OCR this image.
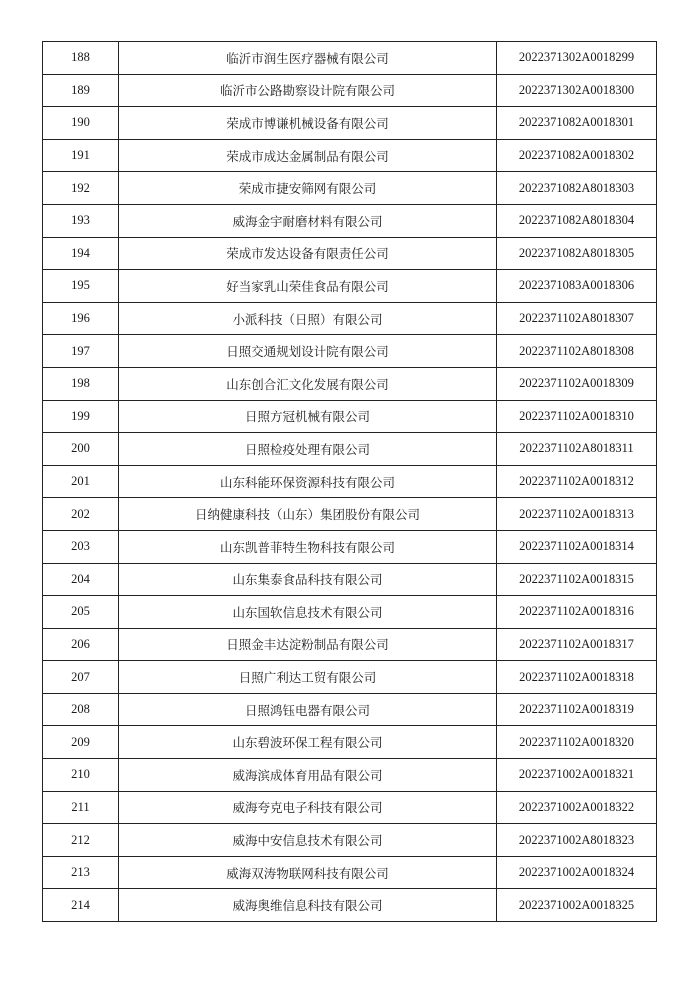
188	临沂市润生医疗器械有限公司	2022371302A0018299
189	临沂市公路勘察设计院有限公司	2022371302A0018300
190	荣成市博谦机械设备有限公司	2022371082A0018301
191	荣成市成达金属制品有限公司	2022371082A0018302
192	荣成市捷安筛网有限公司	2022371082A8018303
193	威海金宇耐磨材料有限公司	2022371082A8018304
194	荣成市发达设备有限责任公司	2022371082A8018305
195	好当家乳山荣佳食品有限公司	2022371083A0018306
196	小派科技（日照）有限公司	2022371102A8018307
197	日照交通规划设计院有限公司	2022371102A8018308
198	山东创合汇文化发展有限公司	2022371102A0018309
199	日照方冠机械有限公司	2022371102A0018310
200	日照检疫处理有限公司	2022371102A8018311
201	山东科能环保资源科技有限公司	2022371102A0018312
202	日纳健康科技（山东）集团股份有限公司	2022371102A0018313
203	山东凯普菲特生物科技有限公司	2022371102A0018314
204	山东集泰食品科技有限公司	2022371102A0018315
205	山东国软信息技术有限公司	2022371102A0018316
206	日照金丰达淀粉制品有限公司	2022371102A0018317
207	日照广利达工贸有限公司	2022371102A0018318
208	日照鸿钰电器有限公司	2022371102A0018319
209	山东碧波环保工程有限公司	2022371102A0018320
210	威海滨成体育用品有限公司	2022371002A0018321
211	威海夸克电子科技有限公司	2022371002A0018322
212	威海中安信息技术有限公司	2022371002A8018323
213	威海双涛物联网科技有限公司	2022371002A0018324
214	威海奥维信息科技有限公司	2022371002A0018325
